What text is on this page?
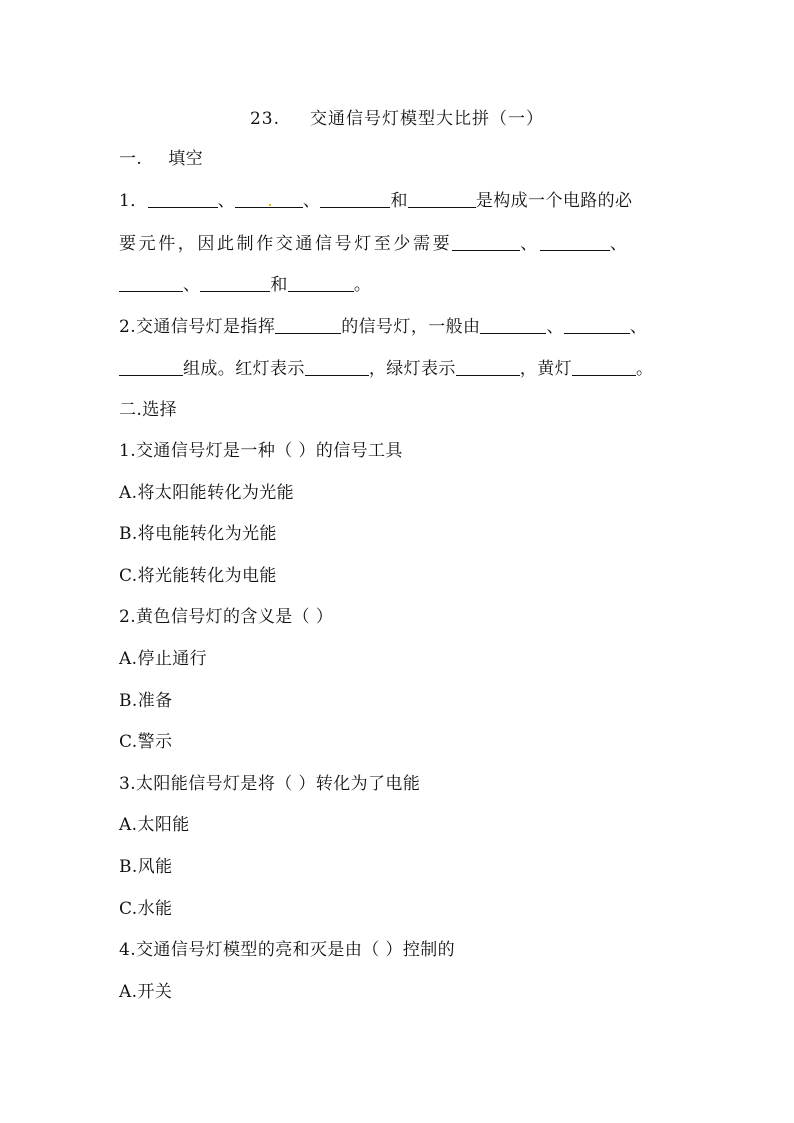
23. 交通信号灯模型大比拼（一）
一. 填空
1．	、	、	和	是构成一个电路的必
要元件，因此制作交通信号灯至少需要	、	、
、	和	。
2.交通信号灯是指挥	的信号灯，一般由	、	、
组成。红灯表示	，绿灯表示	，黄灯	。
二.选择
1.交通信号灯是一种（ ）的信号工具
A.将太阳能转化为光能
B.将电能转化为光能
C.将光能转化为电能
2.黄色信号灯的含义是（ ）
A.停止通行
B.准备
C.警示
3.太阳能信号灯是将（ ）转化为了电能
A.太阳能
B.风能
C.水能
4.交通信号灯模型的亮和灭是由（ ）控制的
A.开关
